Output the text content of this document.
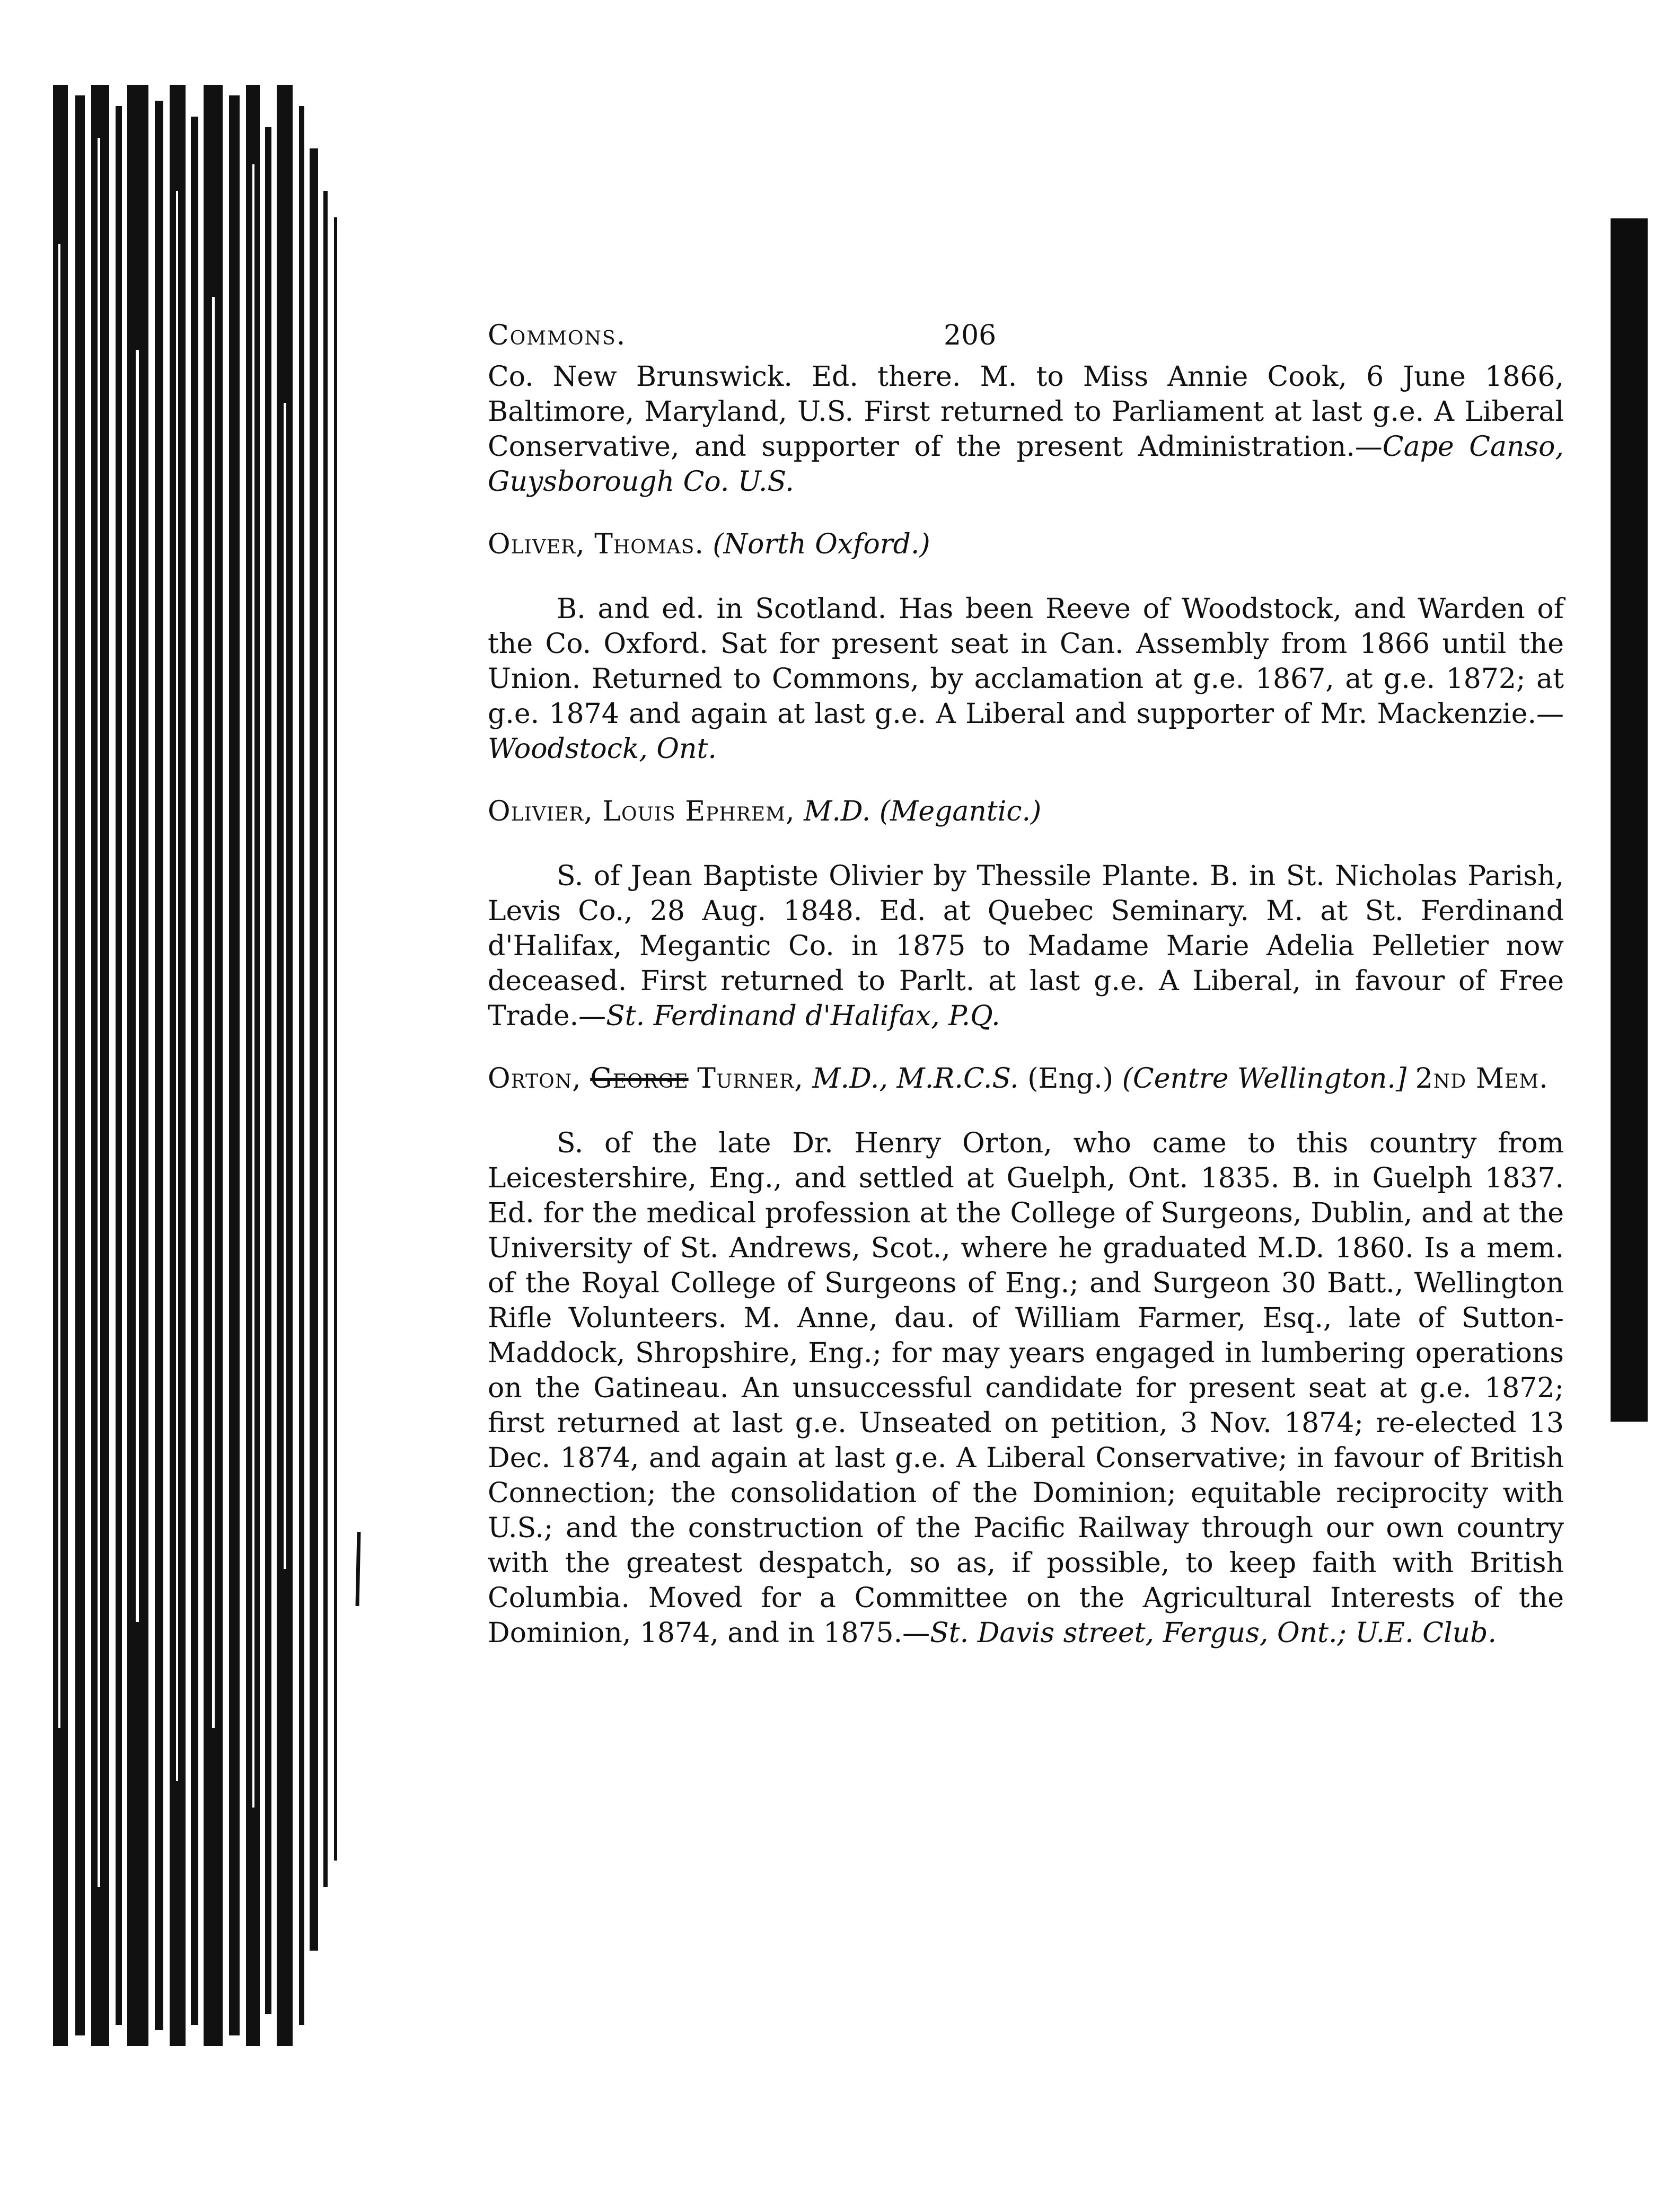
Commons.	206

Co. New Brunswick. Ed. there. M. to Miss Annie Cook, 6 June 1866, Baltimore, Maryland, U.S. First returned to Parliament at last g.e. A Liberal Conservative, and supporter of the present Administration.—Cape Canso, Guysborough Co. U.S.

Oliver, Thomas. (North Oxford.)

B. and ed. in Scotland. Has been Reeve of Woodstock, and Warden of the Co. Oxford. Sat for present seat in Can. Assembly from 1866 until the Union. Returned to Commons, by acclamation at g.e. 1867, at g.e. 1872; at g.e. 1874 and again at last g.e. A Liberal and supporter of Mr. Mackenzie.—Woodstock, Ont.

Olivier, Louis Ephrem, M.D. (Megantic.)

S. of Jean Baptiste Olivier by Thessile Plante. B. in St. Nicholas Parish, Levis Co., 28 Aug. 1848. Ed. at Quebec Seminary. M. at St. Ferdinand d'Halifax, Megantic Co. in 1875 to Madame Marie Adelia Pelletier now deceased. First returned to Parlt. at last g.e. A Liberal, in favour of Free Trade.—St. Ferdinand d'Halifax, P.Q.

Orton, George Turner, M.D., M.R.C.S. (Eng.) (Centre Wellington.] 2nd Mem.

S. of the late Dr. Henry Orton, who came to this country from Leicestershire, Eng., and settled at Guelph, Ont. 1835. B. in Guelph 1837. Ed. for the medical profession at the College of Surgeons, Dublin, and at the University of St. Andrews, Scot., where he graduated M.D. 1860. Is a mem. of the Royal College of Surgeons of Eng.; and Surgeon 30 Batt., Wellington Rifle Volunteers. M. Anne, dau. of William Farmer, Esq., late of Sutton-Maddock, Shropshire, Eng.; for may years engaged in lumbering operations on the Gatineau. An unsuccessful candidate for present seat at g.e. 1872; first returned at last g.e. Unseated on petition, 3 Nov. 1874; re-elected 13 Dec. 1874, and again at last g.e. A Liberal Conservative; in favour of British Connection; the consolidation of the Dominion; equitable reciprocity with U.S.; and the construction of the Pacific Railway through our own country with the greatest despatch, so as, if possible, to keep faith with British Columbia. Moved for a Committee on the Agricultural Interests of the Dominion, 1874, and in 1875.—St. Davis street, Fergus, Ont.; U.E. Club.
